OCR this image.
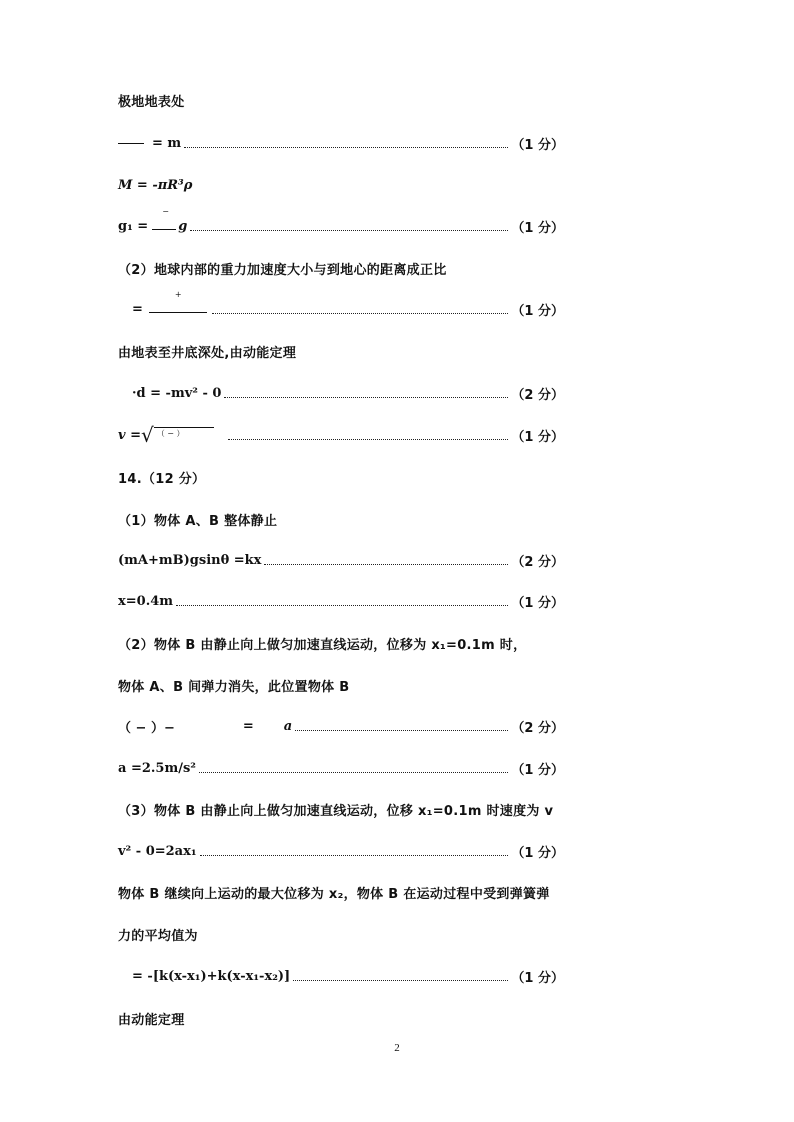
极地地表处
= m	（1 分）
M = -πR³ρ
g₁ =
−
g	（1 分）
（2）地球内部的重力加速度大小与到地心的距离成正比
=
+
（1 分）
由地表至井底深处,由动能定理
·d = -mv² - 0	（2 分）
v = √ （ − ）	（1 分）
14.（12 分）
（1）物体 A、B 整体静止
(mA+mB)gsinθ =kx	（2 分）
x=0.4m	（1 分）
（2）物体 B 由静止向上做匀加速直线运动，位移为 x₁=0.1m 时，
物体 A、B 间弹力消失，此位置物体 B
（ − ）−	= a	（2 分）
a =2.5m/s²	（1 分）
（3）物体 B 由静止向上做匀加速直线运动，位移 x₁=0.1m 时速度为 v
v² - 0=2ax₁	（1 分）
物体 B 继续向上运动的最大位移为 x₂，物体 B 在运动过程中受到弹簧弹
力的平均值为
= -[k(x-x₁)+k(x-x₁-x₂)]	（1 分）
由动能定理
2
